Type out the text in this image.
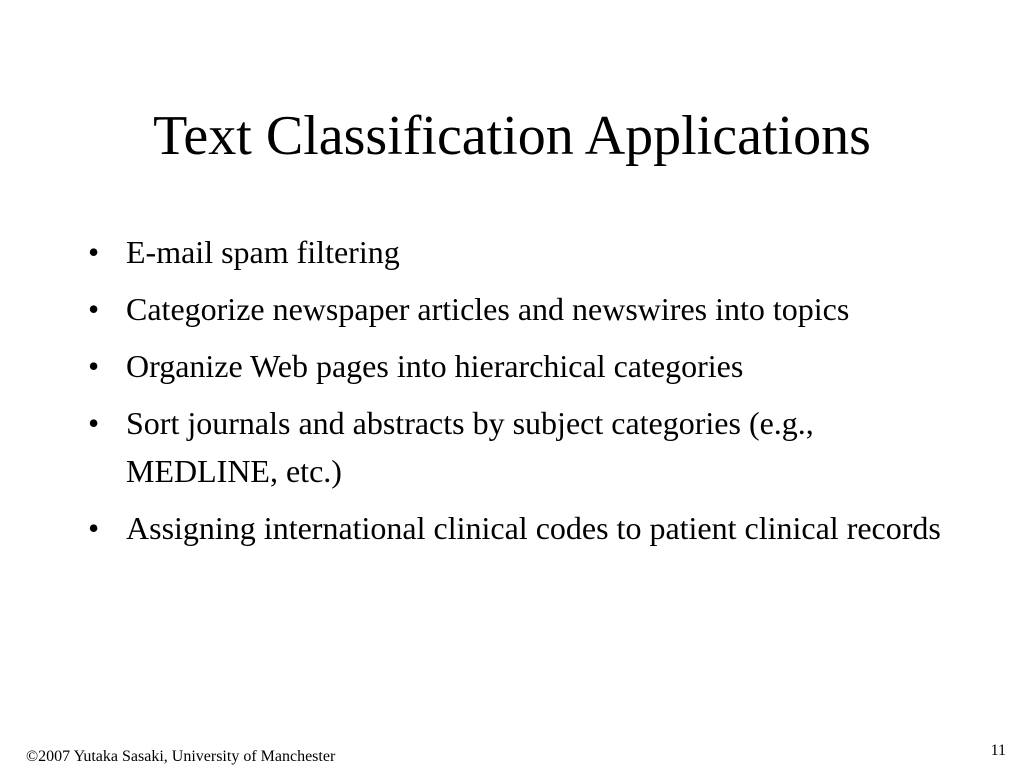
Text Classification Applications
• E-mail spam filtering
• Categorize newspaper articles and newswires into topics
• Organize Web pages into hierarchical categories
• Sort journals and abstracts by subject categories (e.g., MEDLINE, etc.)
• Assigning international clinical codes to patient clinical records
©2007 Yutaka Sasaki, University of Manchester	11
